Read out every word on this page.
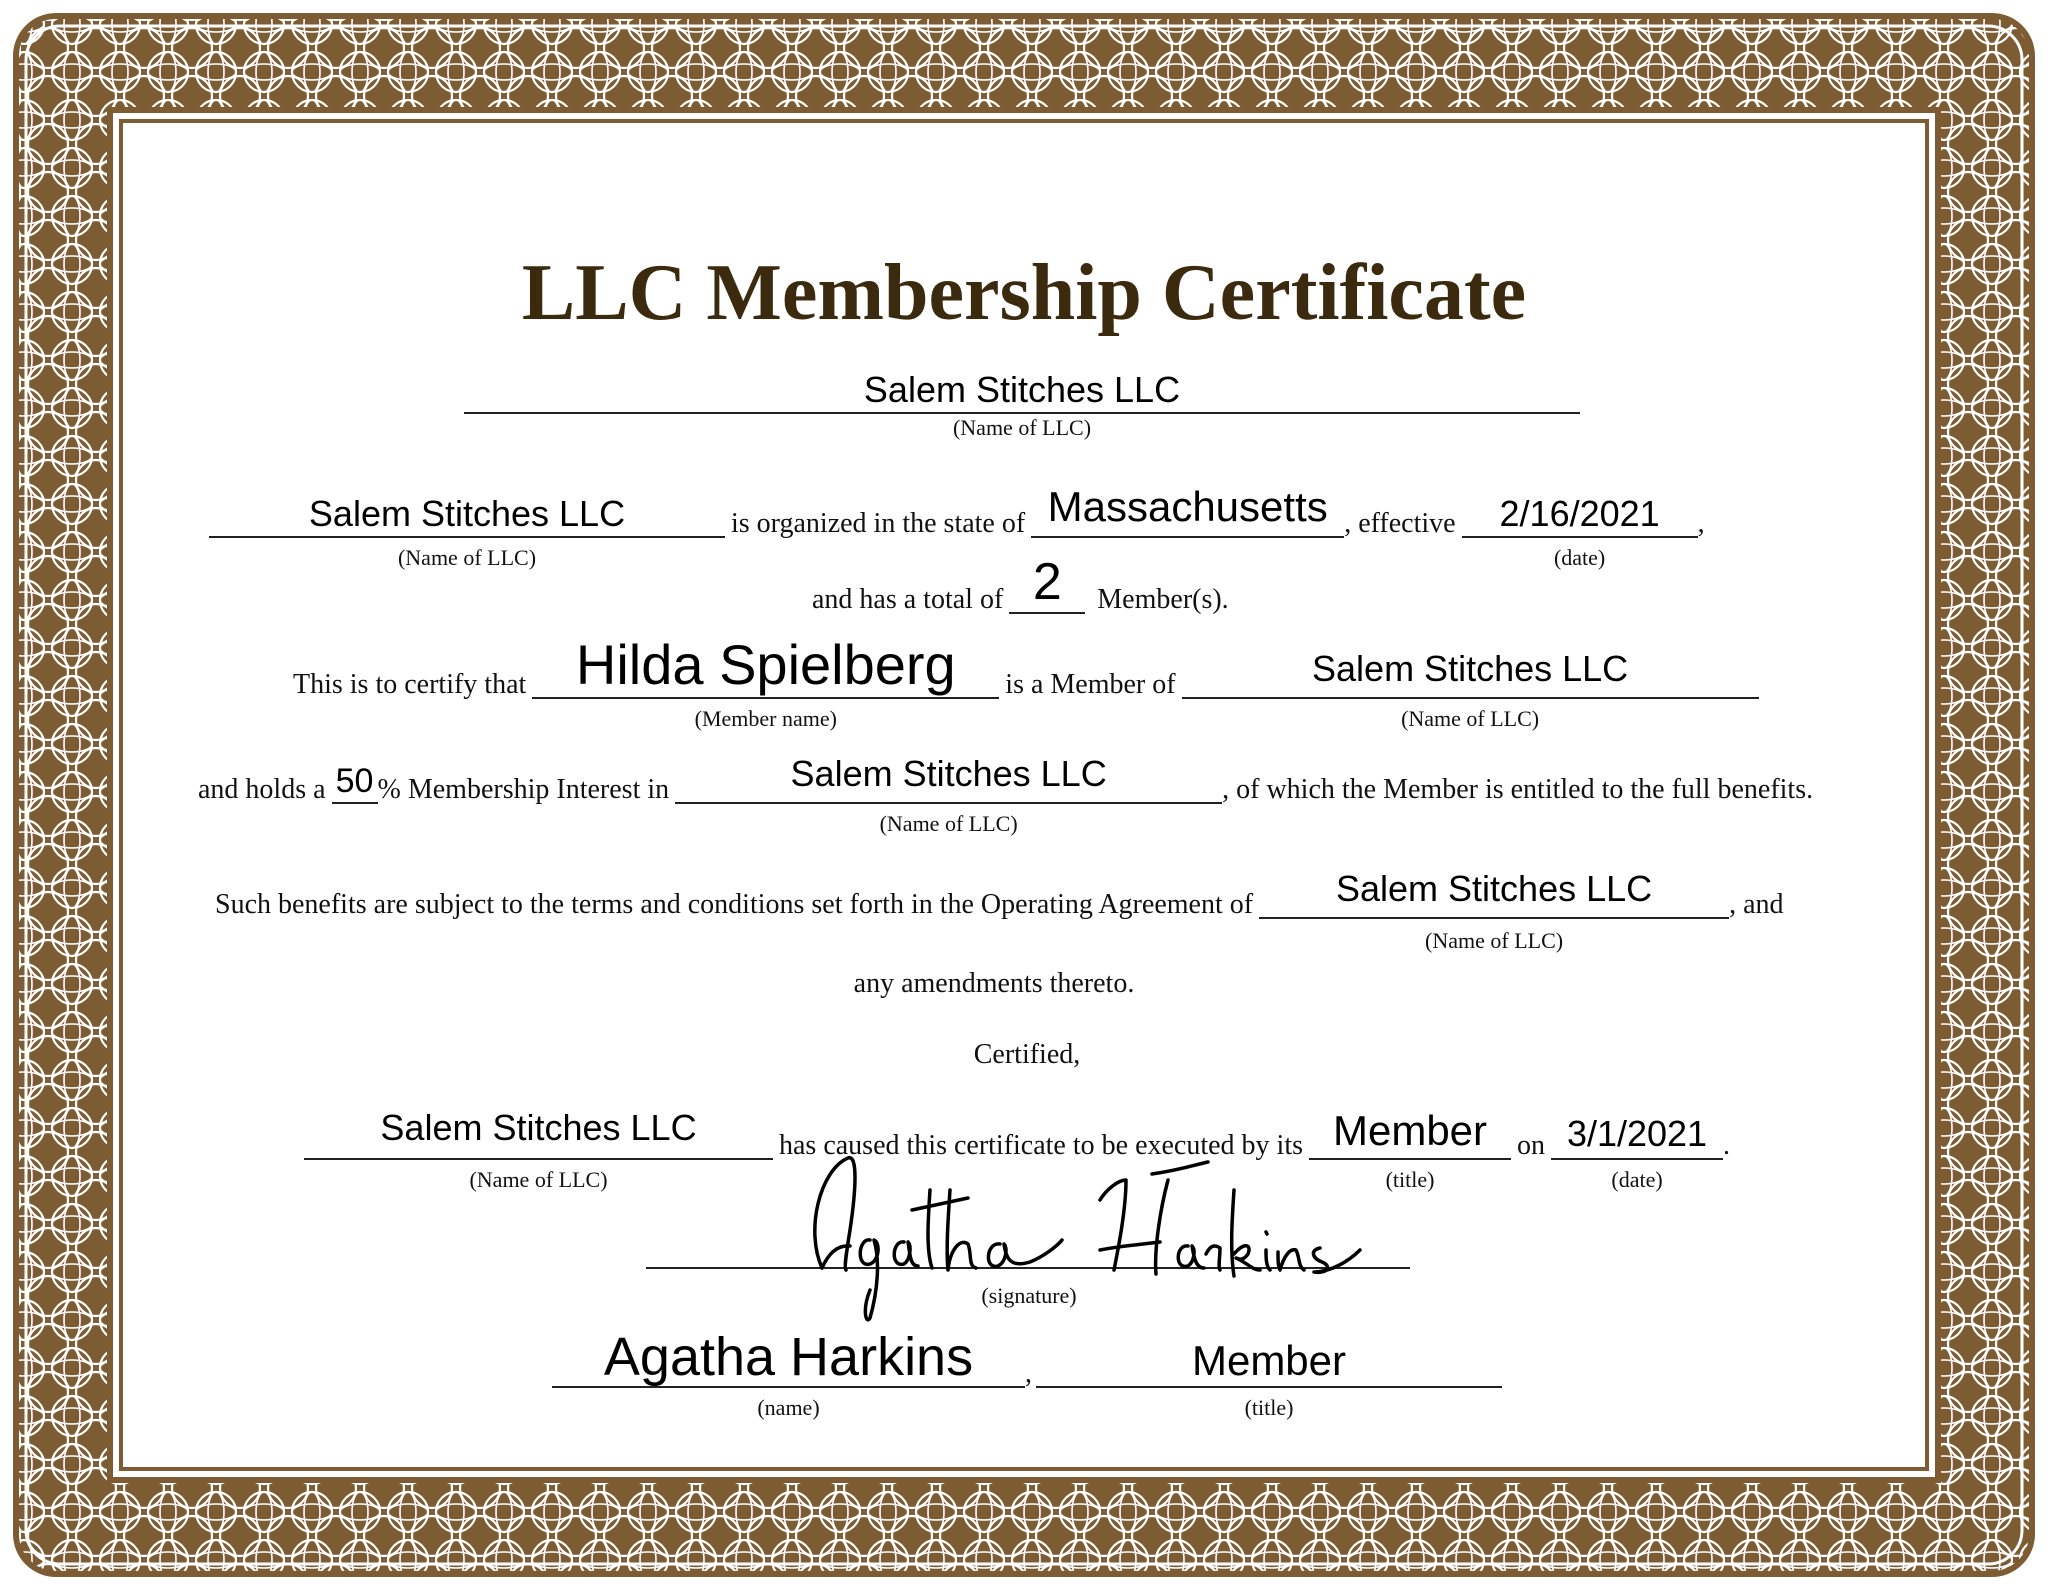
LLC Membership Certificate
Salem Stitches LLC
(Name of LLC)
Salem Stitches LLC
(Name of LLC)
is organized in the state of Massachusetts , effective 2/16/2021
(date)
,
and has a total of 2	Member(s).
This is to certify that Hilda Spielberg
(Member name)
is a Member of	Salem Stitches LLC
(Name of LLC)
and holds a 50 % Membership Interest in	Salem Stitches LLC
(Name of LLC)
, of which the Member is entitled to the full benefits.
Such benefits are subject to the terms and conditions set forth in the Operating Agreement of Salem Stitches LLC
(Name of LLC)
, and
any amendments thereto.
Certified,
Salem Stitches LLC
(Name of LLC)
has caused this certificate to be executed by its Member
(title)
on 3/1/2021
(date)
.
(signature)
Agatha Harkins
(name)
,	Member
(title)
